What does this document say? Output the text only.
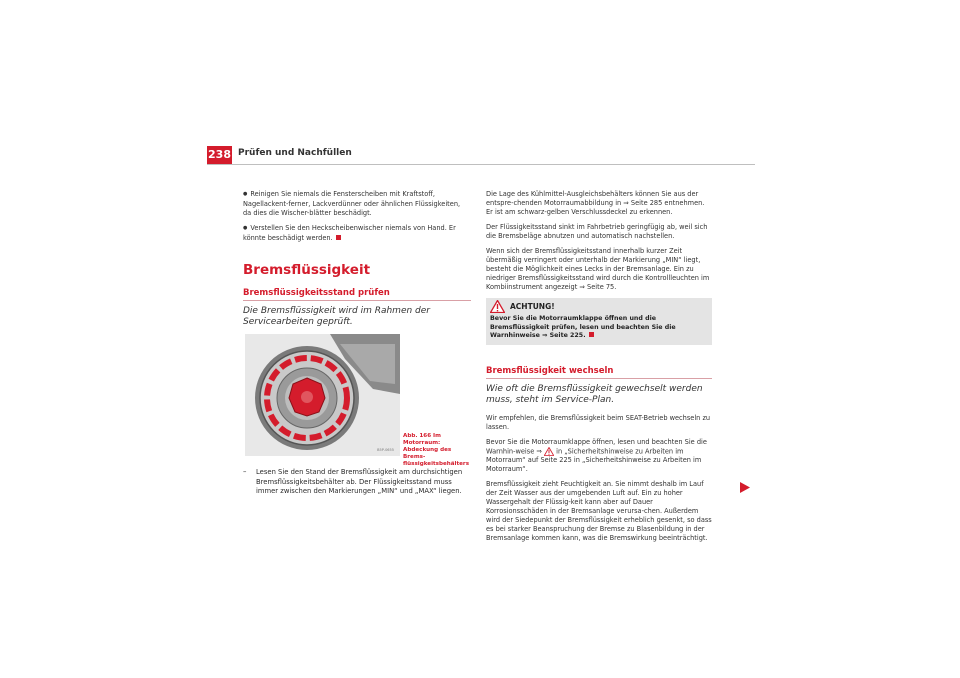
238 Prüfen und Nachfüllen

● Reinigen Sie niemals die Fensterscheiben mit Kraftstoff, Nagellackent-ferner, Lackverdünner oder ähnlichen Flüssigkeiten, da dies die Wischer-blätter beschädigt.

● Verstellen Sie den Heckscheibenwischer niemals von Hand. Er könnte beschädigt werden.

Bremsflüssigkeit
Bremsflüssigkeitsstand prüfen
Die Bremsflüssigkeit wird im Rahmen der Servicearbeiten geprüft.
B5P-0655
Abb. 166 Im Motorraum: Abdeckung des Brems-flüssigkeitsbehälters
– Lesen Sie den Stand der Bremsflüssigkeit am durchsichtigen Bremsflüssigkeitsbehälter ab. Der Flüssigkeitsstand muss immer zwischen den Markierungen „MIN“ und „MAX“ liegen.

Die Lage des Kühlmittel-Ausgleichsbehälters können Sie aus der entspre-chenden Motorraumabbildung in ⇒ Seite 285 entnehmen. Er ist am schwarz-gelben Verschlussdeckel zu erkennen.

Der Flüssigkeitsstand sinkt im Fahrbetrieb geringfügig ab, weil sich die Bremsbeläge abnutzen und automatisch nachstellen.

Wenn sich der Bremsflüssigkeitsstand innerhalb kurzer Zeit übermäßig verringert oder unterhalb der Markierung „MIN“ liegt, besteht die Möglichkeit eines Lecks in der Bremsanlage. Ein zu niedriger Bremsflüssigkeitsstand wird durch die Kontrollleuchten im Kombiinstrument angezeigt ⇒ Seite 75.

ACHTUNG!
Bevor Sie die Motorraumklappe öffnen und die Bremsflüssigkeit prüfen, lesen und beachten Sie die Warnhinweise ⇒ Seite 225.
Bremsflüssigkeit wechseln
Wie oft die Bremsflüssigkeit gewechselt werden muss, steht im Service-Plan.

Wir empfehlen, die Bremsflüssigkeit beim SEAT-Betrieb wechseln zu lassen.

Bevor Sie die Motorraumklappe öffnen, lesen und beachten Sie die Warnhin-weise ⇒ in „Sicherheitshinweise zu Arbeiten im Motorraum“ auf Seite 225 in „Sicherheitshinweise zu Arbeiten im Motorraum“.

Bremsflüssigkeit zieht Feuchtigkeit an. Sie nimmt deshalb im Lauf der Zeit Wasser aus der umgebenden Luft auf. Ein zu hoher Wassergehalt der Flüssig-keit kann aber auf Dauer Korrosionsschäden in der Bremsanlage verursa-chen. Außerdem wird der Siedepunkt der Bremsflüssigkeit erheblich gesenkt, so dass es bei starker Beanspruchung der Bremse zu Blasenbildung in der Bremsanlage kommen kann, was die Bremswirkung beeinträchtigt.
